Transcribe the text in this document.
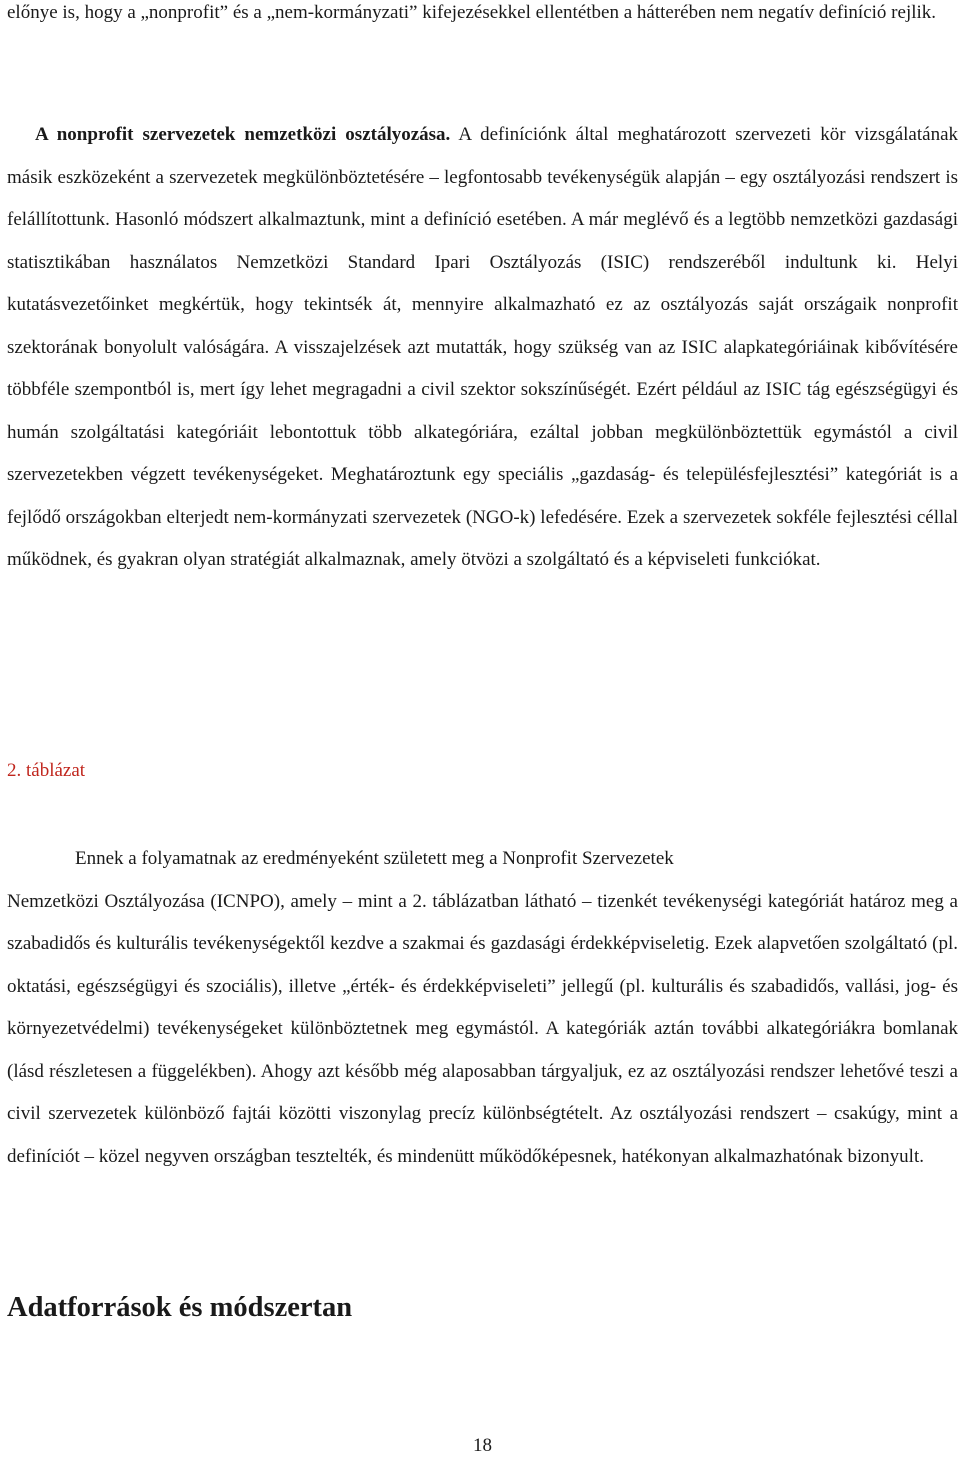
előnye is, hogy a „nonprofit” és a „nem-kormányzati” kifejezésekkel ellentétben a hátterében nem negatív definíció rejlik.

A nonprofit szervezetek nemzetközi osztályozása. A definíciónk által meghatározott szervezeti kör vizsgálatának másik eszközeként a szervezetek megkülönböztetésére ‒ legfontosabb tevékenységük alapján ‒ egy osztályozási rendszert is felállítottunk. Hasonló módszert alkalmaztunk, mint a definíció esetében. A már meglévő és a legtöbb nemzetközi gazdasági statisztikában használatos Nemzetközi Standard Ipari Osztályozás (ISIC) rendszeréből indultunk ki. Helyi kutatásvezetőinket megkértük, hogy tekintsék át, mennyire alkalmazható ez az osztályozás saját országaik nonprofit szektorának bonyolult valóságára. A visszajelzések azt mutatták, hogy szükség van az ISIC alapkategóriáinak kibővítésére többféle szempontból is, mert így lehet megragadni a civil szektor sokszínűségét. Ezért például az ISIC tág egészségügyi és humán szolgáltatási kategóriáit lebontottuk több alkategóriára, ezáltal jobban megkülönböztettük egymástól a civil szervezetekben végzett tevékenységeket. Meghatároztunk egy speciális „gazdaság- és településfejlesztési” kategóriát is a fejlődő országokban elterjedt nem-kormányzati szervezetek (NGO-k) lefedésére. Ezek a szervezetek sokféle fejlesztési céllal működnek, és gyakran olyan stratégiát alkalmaznak, amely ötvözi a szolgáltató és a képviseleti funkciókat.

2. táblázat

Ennek a folyamatnak az eredményeként született meg a Nonprofit Szervezetek
Nemzetközi Osztályozása (ICNPO), amely ‒ mint a 2. táblázatban látható ‒ tizenkét tevékenységi kategóriát határoz meg a szabadidős és kulturális tevékenységektől kezdve a szakmai és gazdasági érdekképviseletig. Ezek alapvetően szolgáltató (pl. oktatási, egészségügyi és szociális), illetve „érték- és érdekképviseleti” jellegű (pl. kulturális és szabadidős, vallási, jog- és környezetvédelmi) tevékenységeket különböztetnek meg egymástól. A kategóriák aztán további alkategóriákra bomlanak (lásd részletesen a függelékben). Ahogy azt később még alaposabban tárgyaljuk, ez az osztályozási rendszer lehetővé teszi a civil szervezetek különböző fajtái közötti viszonylag precíz különbségtételt. Az osztályozási rendszert ‒ csakúgy, mint a definíciót ‒ közel negyven országban tesztelték, és mindenütt működőképesnek, hatékonyan alkalmazhatónak bizonyult.

Adatforrások és módszertan

18
